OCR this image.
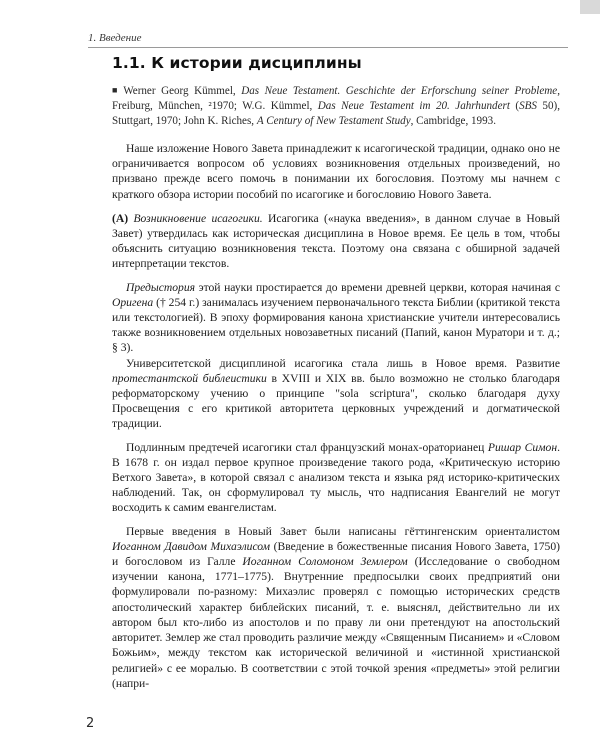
1. Введение
1.1. К истории дисциплины

■ Werner Georg Kümmel, Das Neue Testament. Geschichte der Erforschung seiner Probleme, Freiburg, München, ²1970; W.G. Kümmel, Das Neue Testament im 20. Jahrhundert (SBS 50), Stuttgart, 1970; John K. Riches, A Century of New Testament Study, Cambridge, 1993.

Наше изложение Нового Завета принадлежит к исагогической традиции, однако оно не ограничивается вопросом об условиях возникновения отдельных произведений, но призвано прежде всего помочь в понимании их богословия. Поэтому мы начнем с краткого обзора истории пособий по исагогике и богословию Нового Завета.

(А) Возникновение исагогики. Исагогика («наука введения», в данном случае в Новый Завет) утвердилась как историческая дисциплина в Новое время. Ее цель в том, чтобы объяснить ситуацию возникновения текста. Поэтому она связана с обширной задачей интерпретации текстов.

Предыстория этой науки простирается до времени древней церкви, которая начиная с Оригена († 254 г.) занималась изучением первоначального текста Библии (критикой текста или текстологией). В эпоху формирования канона христианские учители интересовались также возникновением отдельных новозаветных писаний (Папий, канон Муратори и т. д.; § 3).

Университетской дисциплиной исагогика стала лишь в Новое время. Развитие протестантской библеистики в XVIII и XIX вв. было возможно не столько благодаря реформаторскому учению о принципе "sola scriptura", сколько благодаря духу Просвещения с его критикой авторитета церковных учреждений и догматической традиции.

Подлинным предтечей исагогики стал французский монах-ораторианец Ришар Симон. В 1678 г. он издал первое крупное произведение такого рода, «Критическую историю Ветхого Завета», в которой связал с анализом текста и языка ряд историко-критических наблюдений. Так, он сформулировал ту мысль, что надписания Евангелий не могут восходить к самим евангелистам.

Первые введения в Новый Завет были написаны гёттингенским ориенталистом Иоганном Давидом Михаэлисом (Введение в божественные писания Нового Завета, 1750) и богословом из Галле Иоганном Соломоном Землером (Исследование о свободном изучении канона, 1771–1775). Внутренние предпосылки своих предприятий они формулировали по-разному: Михаэлис проверял с помощью исторических средств апостолический характер библейских писаний, т. е. выяснял, действительно ли их автором был кто-либо из апостолов и по праву ли они претендуют на апостольский авторитет. Землер же стал проводить различие между «Священным Писанием» и «Словом Божьим», между текстом как исторической величиной и «истинной христианской религией» с ее моралью. В соответствии с этой точкой зрения «предметы» этой религии (напри-

2
